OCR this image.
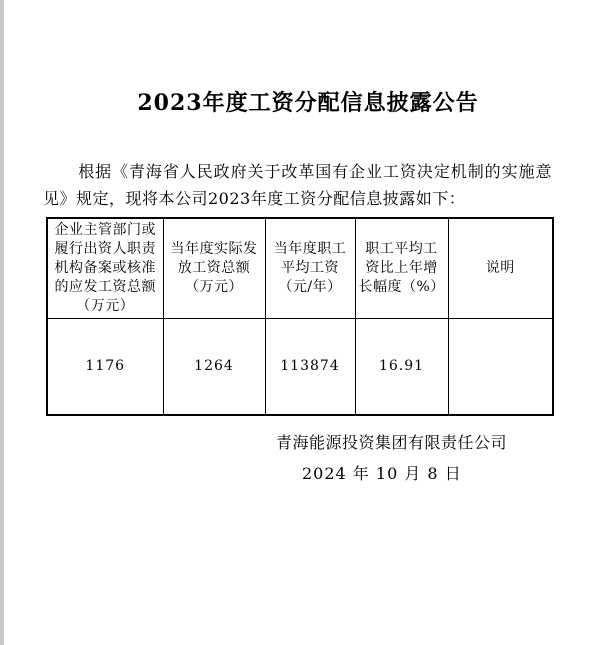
2023年度工资分配信息披露公告
根据《青海省人民政府关于改革国有企业工资决定机制的实施意见》规定，现将本公司2023年度工资分配信息披露如下：
企业主管部门或履行出资人职责机构备案或核准的应发工资总额（万元）	当年度实际发放工资总额（万元）	当年度职工平均工资（元/年）	职工平均工资比上年增长幅度（%）	说明
1176	1264	113874	16.91	
青海能源投资集团有限责任公司
2024 年 10 月 8 日
